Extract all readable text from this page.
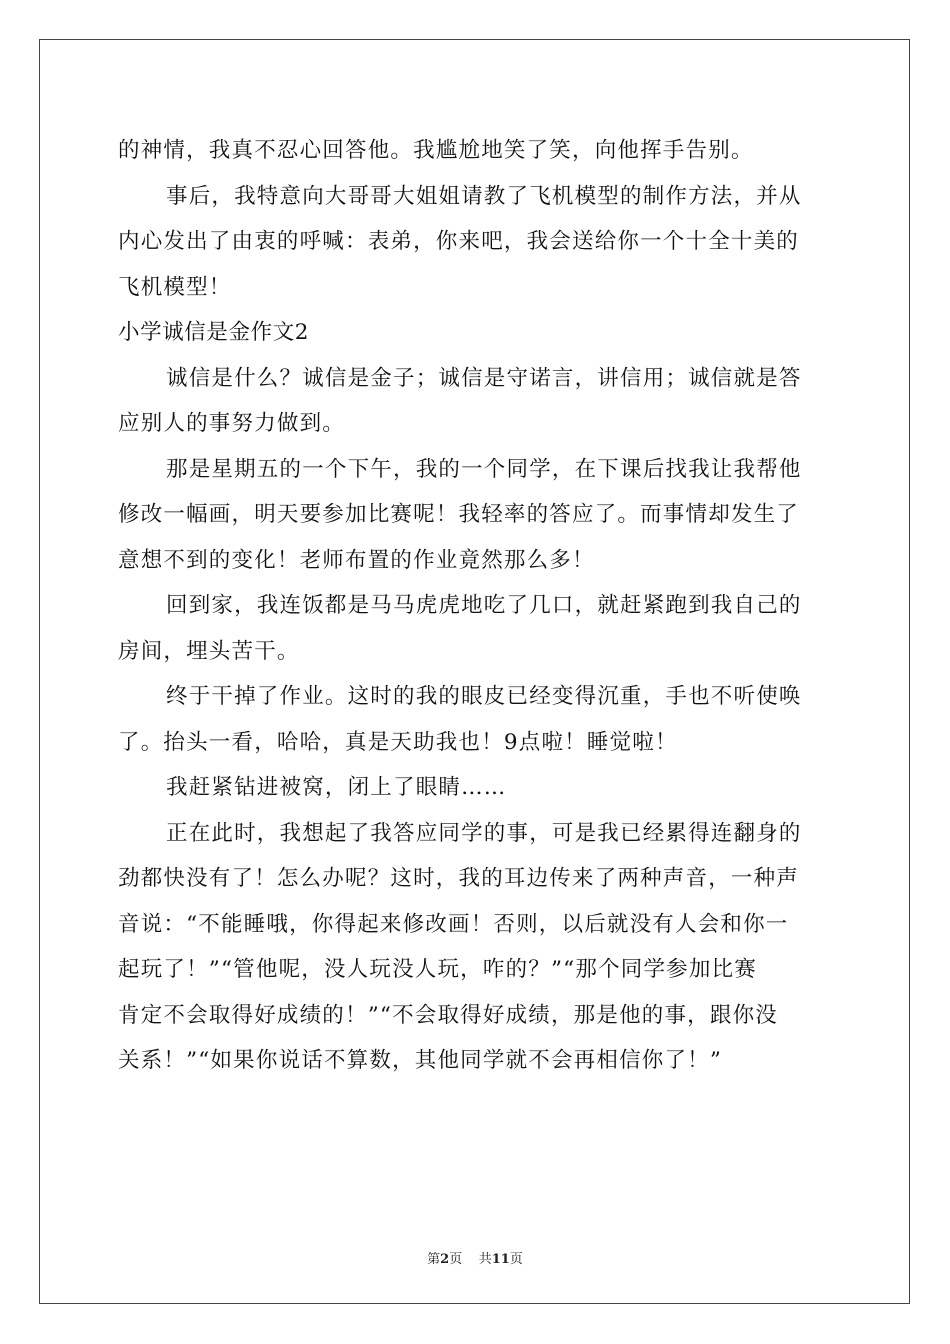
的神情，我真不忍心回答他。我尴尬地笑了笑，向他挥手告别。
事后，我特意向大哥哥大姐姐请教了飞机模型的制作方法，并从
内心发出了由衷的呼喊：表弟，你来吧，我会送给你一个十全十美的
飞机模型！
小学诚信是金作文2
诚信是什么？诚信是金子；诚信是守诺言，讲信用；诚信就是答
应别人的事努力做到。
那是星期五的一个下午，我的一个同学，在下课后找我让我帮他
修改一幅画，明天要参加比赛呢！我轻率的答应了。而事情却发生了
意想不到的变化！老师布置的作业竟然那么多！
回到家，我连饭都是马马虎虎地吃了几口，就赶紧跑到我自己的
房间，埋头苦干。
终于干掉了作业。这时的我的眼皮已经变得沉重，手也不听使唤
了。抬头一看，哈哈，真是天助我也！9点啦！睡觉啦！
我赶紧钻进被窝，闭上了眼睛……
正在此时，我想起了我答应同学的事，可是我已经累得连翻身的
劲都快没有了！怎么办呢？这时，我的耳边传来了两种声音，一种声
音说：“不能睡哦，你得起来修改画！否则，以后就没有人会和你一
起玩了！”“管他呢，没人玩没人玩，咋的？”“那个同学参加比赛
肯定不会取得好成绩的！”“不会取得好成绩，那是他的事，跟你没
关系！”“如果你说话不算数，其他同学就不会再相信你了！”
第2页 共11页
